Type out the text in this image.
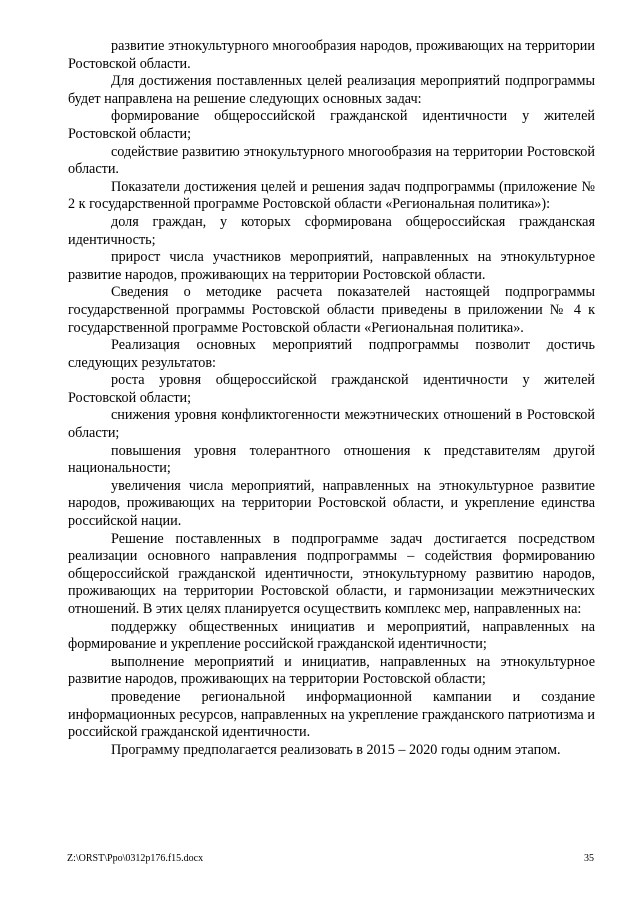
развитие этнокультурного многообразия народов, проживающих на территории Ростовской области.

Для достижения поставленных целей реализация мероприятий подпрограммы будет направлена на решение следующих основных задач:

формирование общероссийской гражданской идентичности у жителей Ростовской области;

содействие развитию этнокультурного многообразия на территории Ростовской области.

Показатели достижения целей и решения задач подпрограммы (приложение № 2 к государственной программе Ростовской области «Региональная политика»):

доля граждан, у которых сформирована общероссийская гражданская идентичность;

прирост числа участников мероприятий, направленных на этнокультурное развитие народов, проживающих на территории Ростовской области.

Сведения о методике расчета показателей настоящей подпрограммы государственной программы Ростовской области приведены в приложении № 4 к государственной программе Ростовской области «Региональная политика».

Реализация основных мероприятий подпрограммы позволит достичь следующих результатов:

роста уровня общероссийской гражданской идентичности у жителей Ростовской области;

снижения уровня конфликтогенности межэтнических отношений в Ростовской области;

повышения уровня толерантного отношения к представителям другой национальности;

увеличения числа мероприятий, направленных на этнокультурное развитие народов, проживающих на территории Ростовской области, и укрепление единства российской нации.

Решение поставленных в подпрограмме задач достигается посредством реализации основного направления подпрограммы – содействия формированию общероссийской гражданской идентичности, этнокультурному развитию народов, проживающих на территории Ростовской области, и гармонизации межэтнических отношений. В этих целях планируется осуществить комплекс мер, направленных на:

поддержку общественных инициатив и мероприятий, направленных на формирование и укрепление российской гражданской идентичности;

выполнение мероприятий и инициатив, направленных на этнокультурное развитие народов, проживающих на территории Ростовской области;

проведение региональной информационной кампании и создание информационных ресурсов, направленных на укрепление гражданского патриотизма и российской гражданской идентичности.

Программу предполагается реализовать в 2015 – 2020 годы одним этапом.

Z:\ORST\Ppo\0312p176.f15.docx	35
